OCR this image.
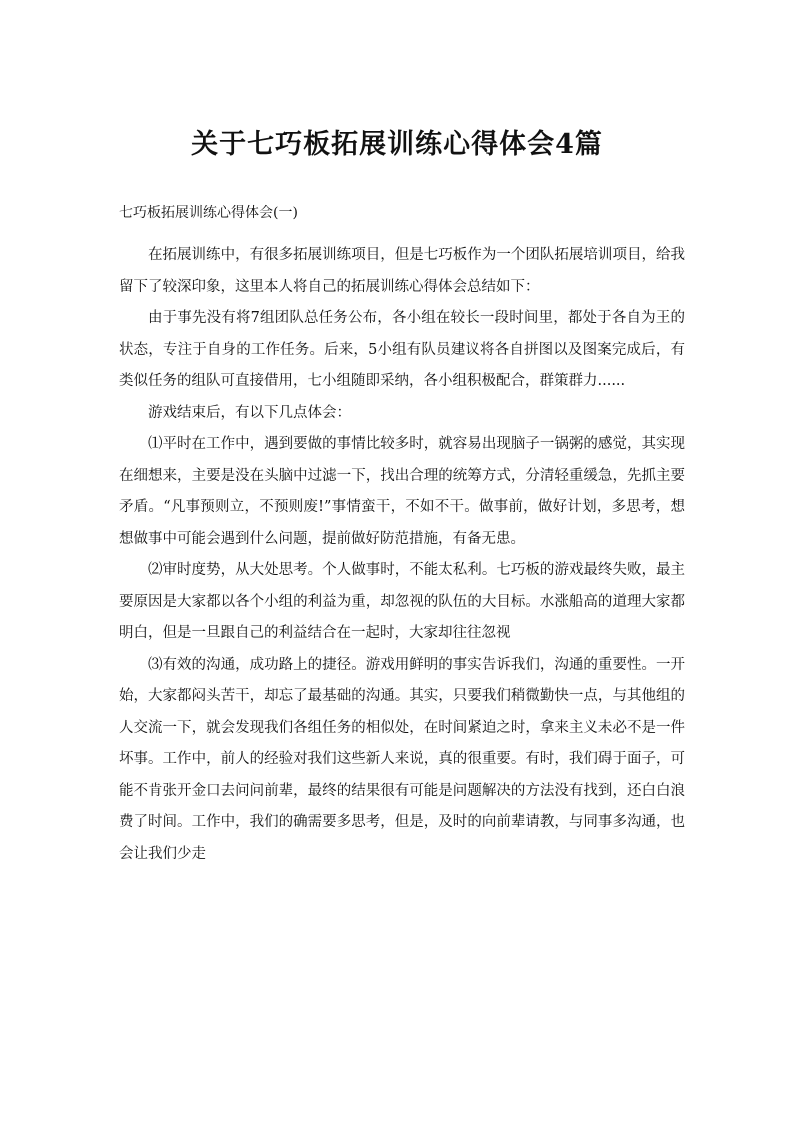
关于七巧板拓展训练心得体会4篇
七巧板拓展训练心得体会(一)

在拓展训练中，有很多拓展训练项目，但是七巧板作为一个团队拓展培训项目，给我留下了较深印象，这里本人将自己的拓展训练心得体会总结如下：

由于事先没有将7组团队总任务公布，各小组在较长一段时间里，都处于各自为王的状态，专注于自身的工作任务。后来，5小组有队员建议将各自拼图以及图案完成后，有类似任务的组队可直接借用，七小组随即采纳，各小组积极配合，群策群力......

游戏结束后，有以下几点体会：

⑴平时在工作中，遇到要做的事情比较多时，就容易出现脑子一锅粥的感觉，其实现在细想来，主要是没在头脑中过滤一下，找出合理的统筹方式，分清轻重缓急，先抓主要矛盾。“凡事预则立，不预则废!”事情蛮干，不如不干。做事前，做好计划，多思考，想想做事中可能会遇到什么问题，提前做好防范措施，有备无患。

⑵审时度势，从大处思考。个人做事时，不能太私利。七巧板的游戏最终失败，最主要原因是大家都以各个小组的利益为重，却忽视的队伍的大目标。水涨船高的道理大家都明白，但是一旦跟自己的利益结合在一起时，大家却往往忽视

⑶有效的沟通，成功路上的捷径。游戏用鲜明的事实告诉我们，沟通的重要性。一开始，大家都闷头苦干，却忘了最基础的沟通。其实，只要我们稍微勤快一点，与其他组的人交流一下，就会发现我们各组任务的相似处，在时间紧迫之时，拿来主义未必不是一件坏事。工作中，前人的经验对我们这些新人来说，真的很重要。有时，我们碍于面子，可能不肯张开金口去问问前辈，最终的结果很有可能是问题解决的方法没有找到，还白白浪费了时间。工作中，我们的确需要多思考，但是，及时的向前辈请教，与同事多沟通，也会让我们少走
